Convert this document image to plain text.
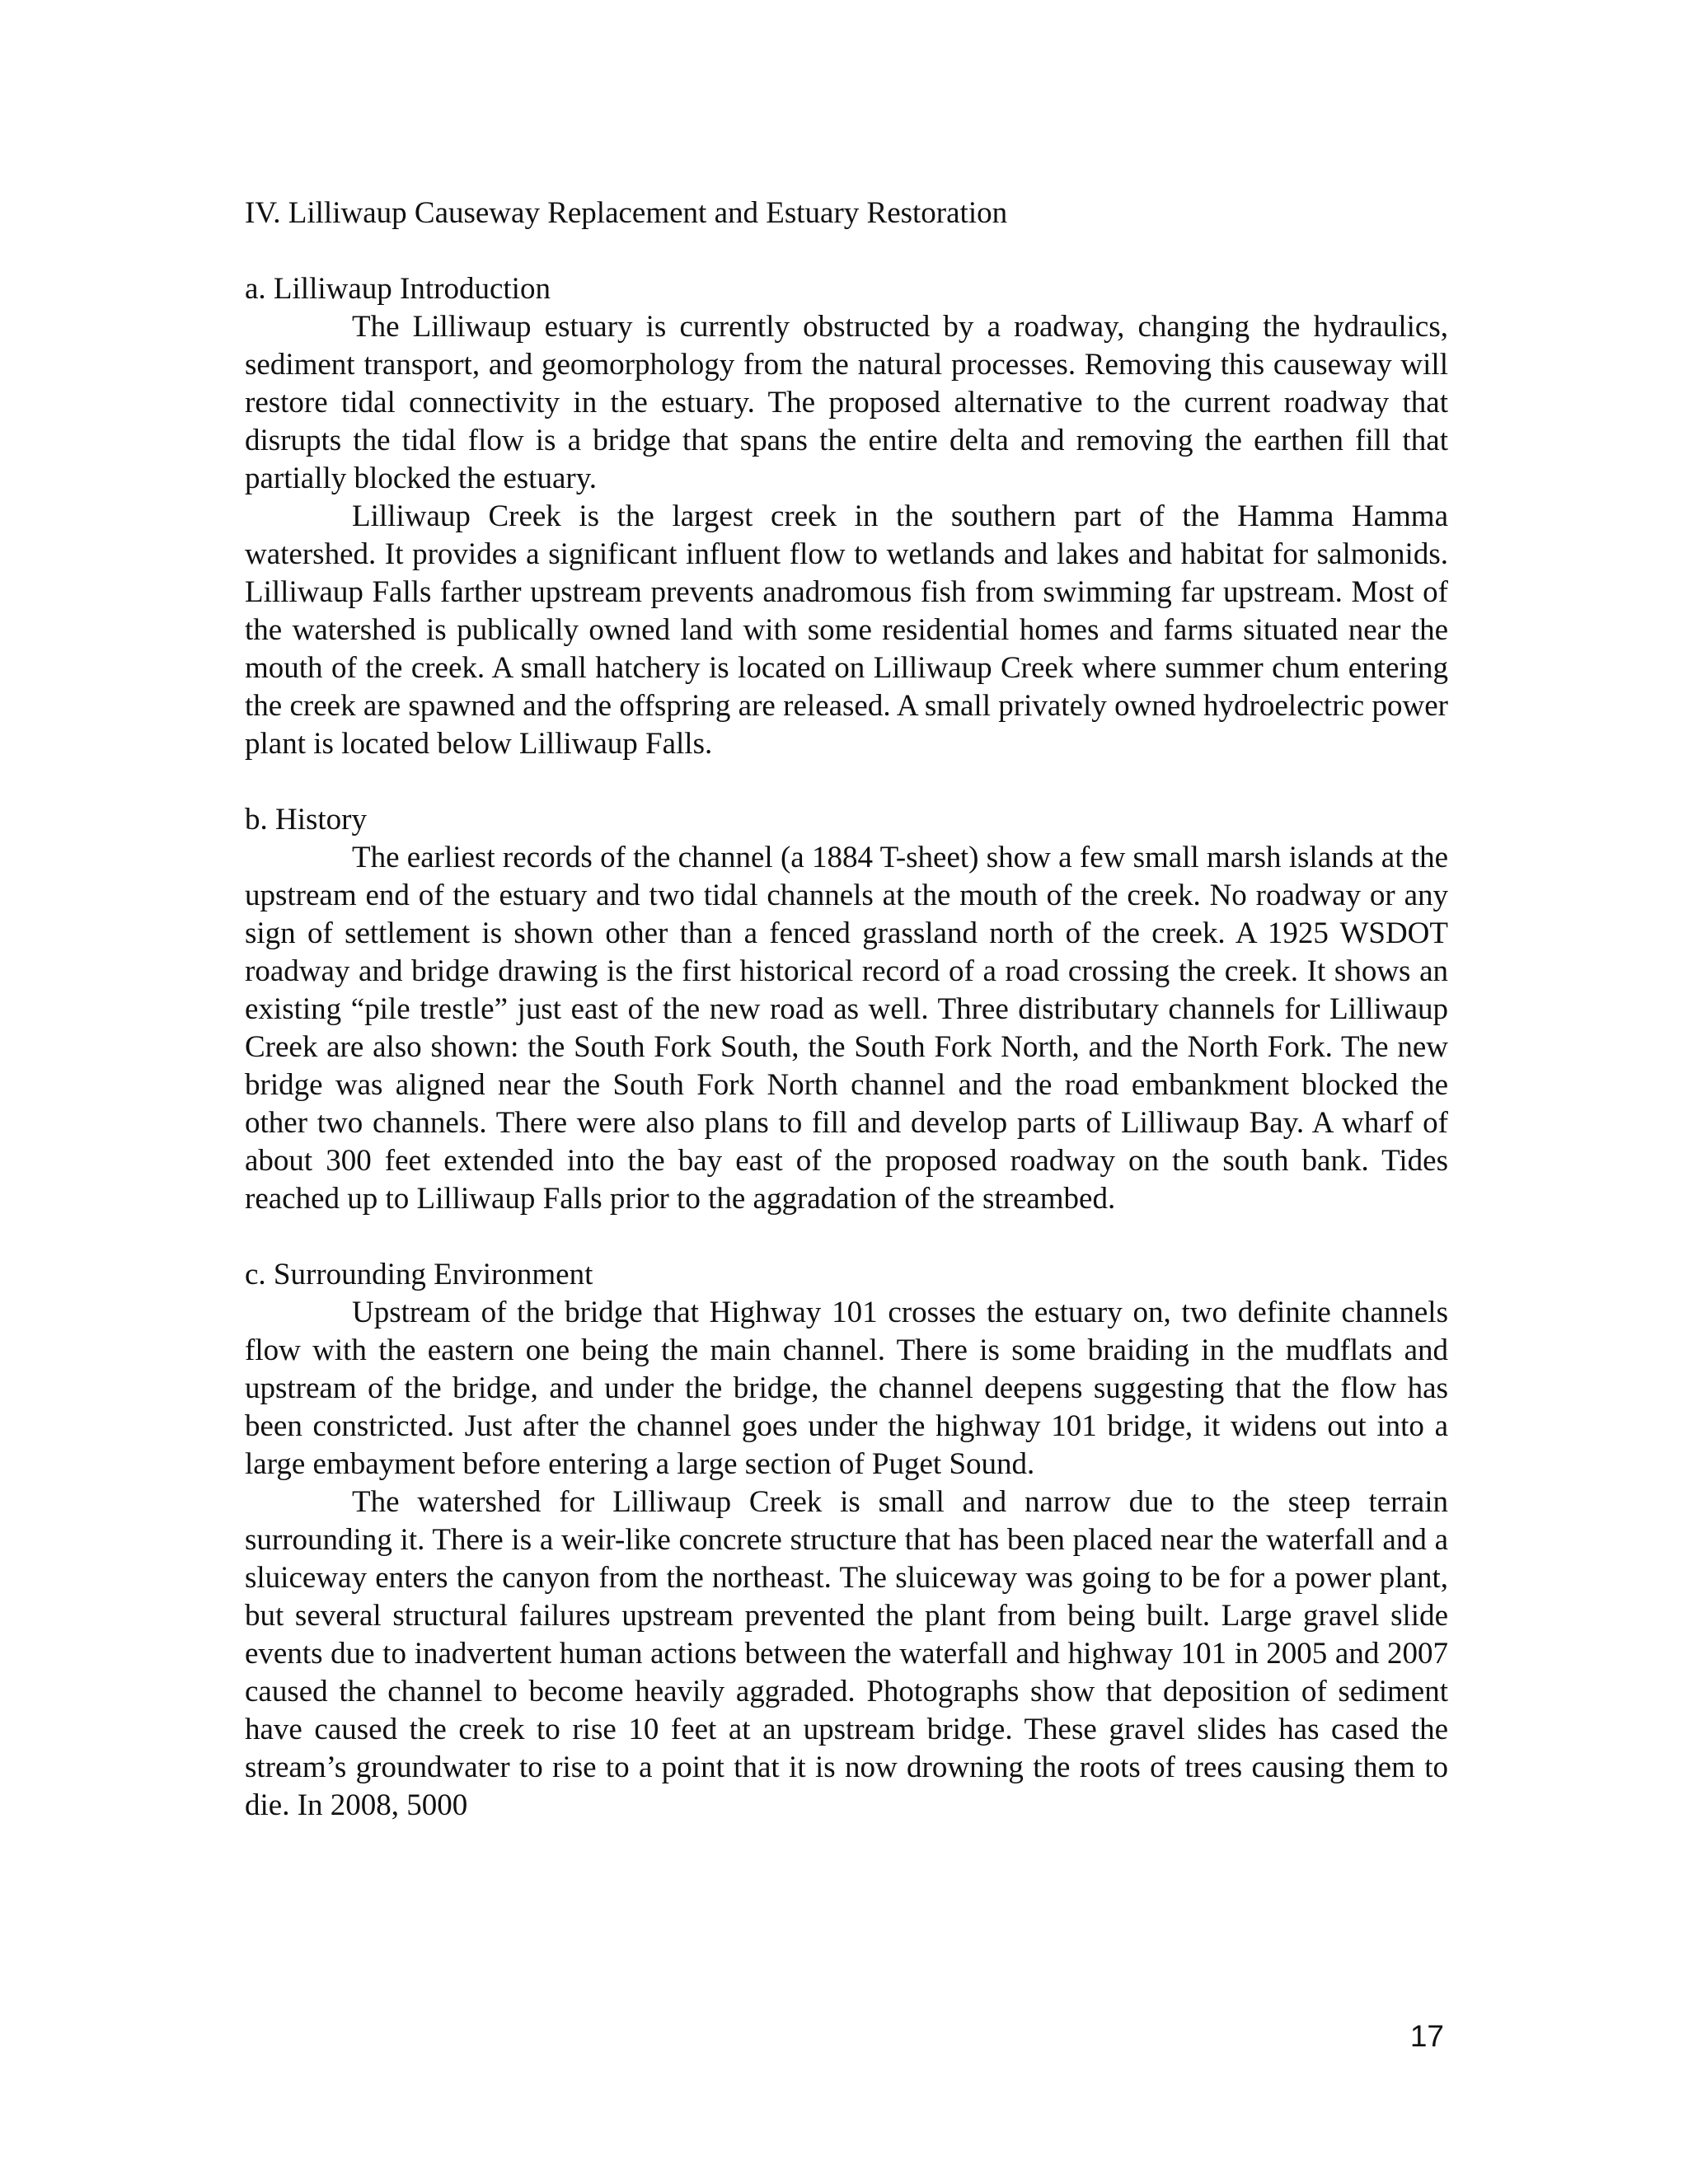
IV. Lilliwaup Causeway Replacement and Estuary Restoration
a. Lilliwaup Introduction

The Lilliwaup estuary is currently obstructed by a roadway, changing the hydraulics, sediment transport, and geomorphology from the natural processes. Removing this causeway will restore tidal connectivity in the estuary. The proposed alternative to the current roadway that disrupts the tidal flow is a bridge that spans the entire delta and removing the earthen fill that partially blocked the estuary.

Lilliwaup Creek is the largest creek in the southern part of the Hamma Hamma watershed. It provides a significant influent flow to wetlands and lakes and habitat for salmonids. Lilliwaup Falls farther upstream prevents anadromous fish from swimming far upstream. Most of the watershed is publically owned land with some residential homes and farms situated near the mouth of the creek. A small hatchery is located on Lilliwaup Creek where summer chum entering the creek are spawned and the offspring are released. A small privately owned hydroelectric power plant is located below Lilliwaup Falls.

b. History

The earliest records of the channel (a 1884 T-sheet) show a few small marsh islands at the upstream end of the estuary and two tidal channels at the mouth of the creek. No roadway or any sign of settlement is shown other than a fenced grassland north of the creek. A 1925 WSDOT roadway and bridge drawing is the first historical record of a road crossing the creek. It shows an existing “pile trestle” just east of the new road as well. Three distributary channels for Lilliwaup Creek are also shown: the South Fork South, the South Fork North, and the North Fork. The new bridge was aligned near the South Fork North channel and the road embankment blocked the other two channels. There were also plans to fill and develop parts of Lilliwaup Bay. A wharf of about 300 feet extended into the bay east of the proposed roadway on the south bank. Tides reached up to Lilliwaup Falls prior to the aggradation of the streambed.

c. Surrounding Environment

Upstream of the bridge that Highway 101 crosses the estuary on, two definite channels flow with the eastern one being the main channel. There is some braiding in the mudflats and upstream of the bridge, and under the bridge, the channel deepens suggesting that the flow has been constricted. Just after the channel goes under the highway 101 bridge, it widens out into a large embayment before entering a large section of Puget Sound.

The watershed for Lilliwaup Creek is small and narrow due to the steep terrain surrounding it. There is a weir-like concrete structure that has been placed near the waterfall and a sluiceway enters the canyon from the northeast. The sluiceway was going to be for a power plant, but several structural failures upstream prevented the plant from being built. Large gravel slide events due to inadvertent human actions between the waterfall and highway 101 in 2005 and 2007 caused the channel to become heavily aggraded. Photographs show that deposition of sediment have caused the creek to rise 10 feet at an upstream bridge. These gravel slides has cased the stream’s groundwater to rise to a point that it is now drowning the roots of trees causing them to die. In 2008, 5000

17
